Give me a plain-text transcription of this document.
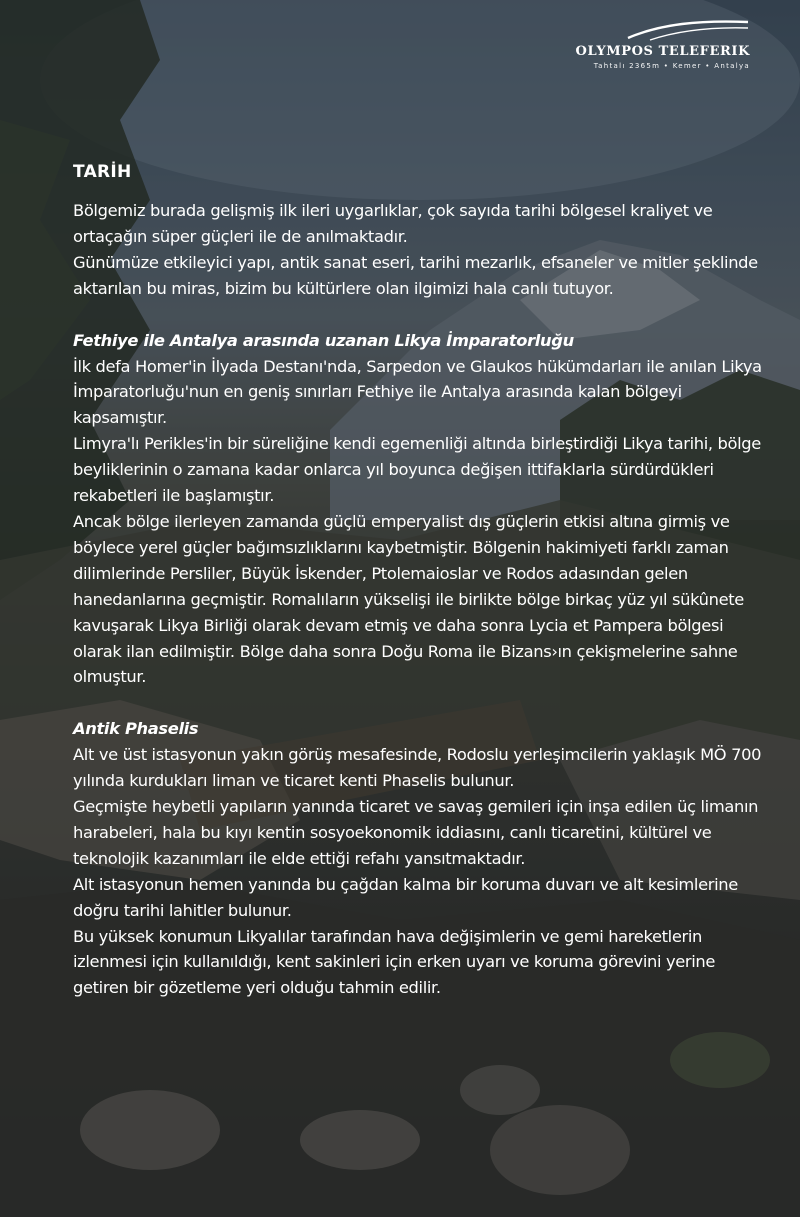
OLYMPOS TELEFERIK
Tahtalı 2365m • Kemer • Antalya
TARİH

Bölgemiz burada gelişmiş ilk ileri uygarlıklar, çok sayıda tarihi bölgesel kraliyet ve ortaçağın süper güçleri ile de anılmaktadır.

Günümüze etkileyici yapı, antik sanat eseri, tarihi mezarlık, efsaneler ve mitler şeklinde aktarılan bu miras, bizim bu kültürlere olan ilgimizi hala canlı tutuyor.

Fethiye ile Antalya arasında uzanan Likya İmparatorluğu

İlk defa Homer'in İlyada Destanı'nda, Sarpedon ve Glaukos hükümdarları ile anılan Likya İmparatorluğu'nun en geniş sınırları Fethiye ile Antalya arasında kalan bölgeyi kapsamıştır.

Limyra'lı Perikles'in bir süreliğine kendi egemenliği altında birleştirdiği Likya tarihi, bölge beyliklerinin o zamana kadar onlarca yıl boyunca değişen ittifaklarla sürdürdükleri rekabetleri ile başlamıştır.

Ancak bölge ilerleyen zamanda güçlü emperyalist dış güçlerin etkisi altına girmiş ve böylece yerel güçler bağımsızlıklarını kaybetmiştir. Bölgenin hakimiyeti farklı zaman dilimlerinde Persliler, Büyük İskender, Ptolemaioslar ve Rodos adasından gelen hanedanlarına geçmiştir. Romalıların yükselişi ile birlikte bölge birkaç yüz yıl sükûnete kavuşarak Likya Birliği olarak devam etmiş ve daha sonra Lycia et Pampera bölgesi olarak ilan edilmiştir. Bölge daha sonra Doğu Roma ile Bizans›ın çekişmelerine sahne olmuştur.

Antik Phaselis

Alt ve üst istasyonun yakın görüş mesafesinde, Rodoslu yerleşimcilerin yaklaşık MÖ 700 yılında kurdukları liman ve ticaret kenti Phaselis bulunur.

Geçmişte heybetli yapıların yanında ticaret ve savaş gemileri için inşa edilen üç limanın harabeleri, hala bu kıyı kentin sosyoekonomik iddiasını, canlı ticaretini, kültürel ve teknolojik kazanımları ile elde ettiği refahı yansıtmaktadır.

Alt istasyonun hemen yanında bu çağdan kalma bir koruma duvarı ve alt kesimlerine doğru tarihi lahitler bulunur.

Bu yüksek konumun Likyalılar tarafından hava değişimlerin ve gemi hareketlerin izlenmesi için kullanıldığı, kent sakinleri için erken uyarı ve koruma görevini yerine getiren bir gözetleme yeri olduğu tahmin edilir.
